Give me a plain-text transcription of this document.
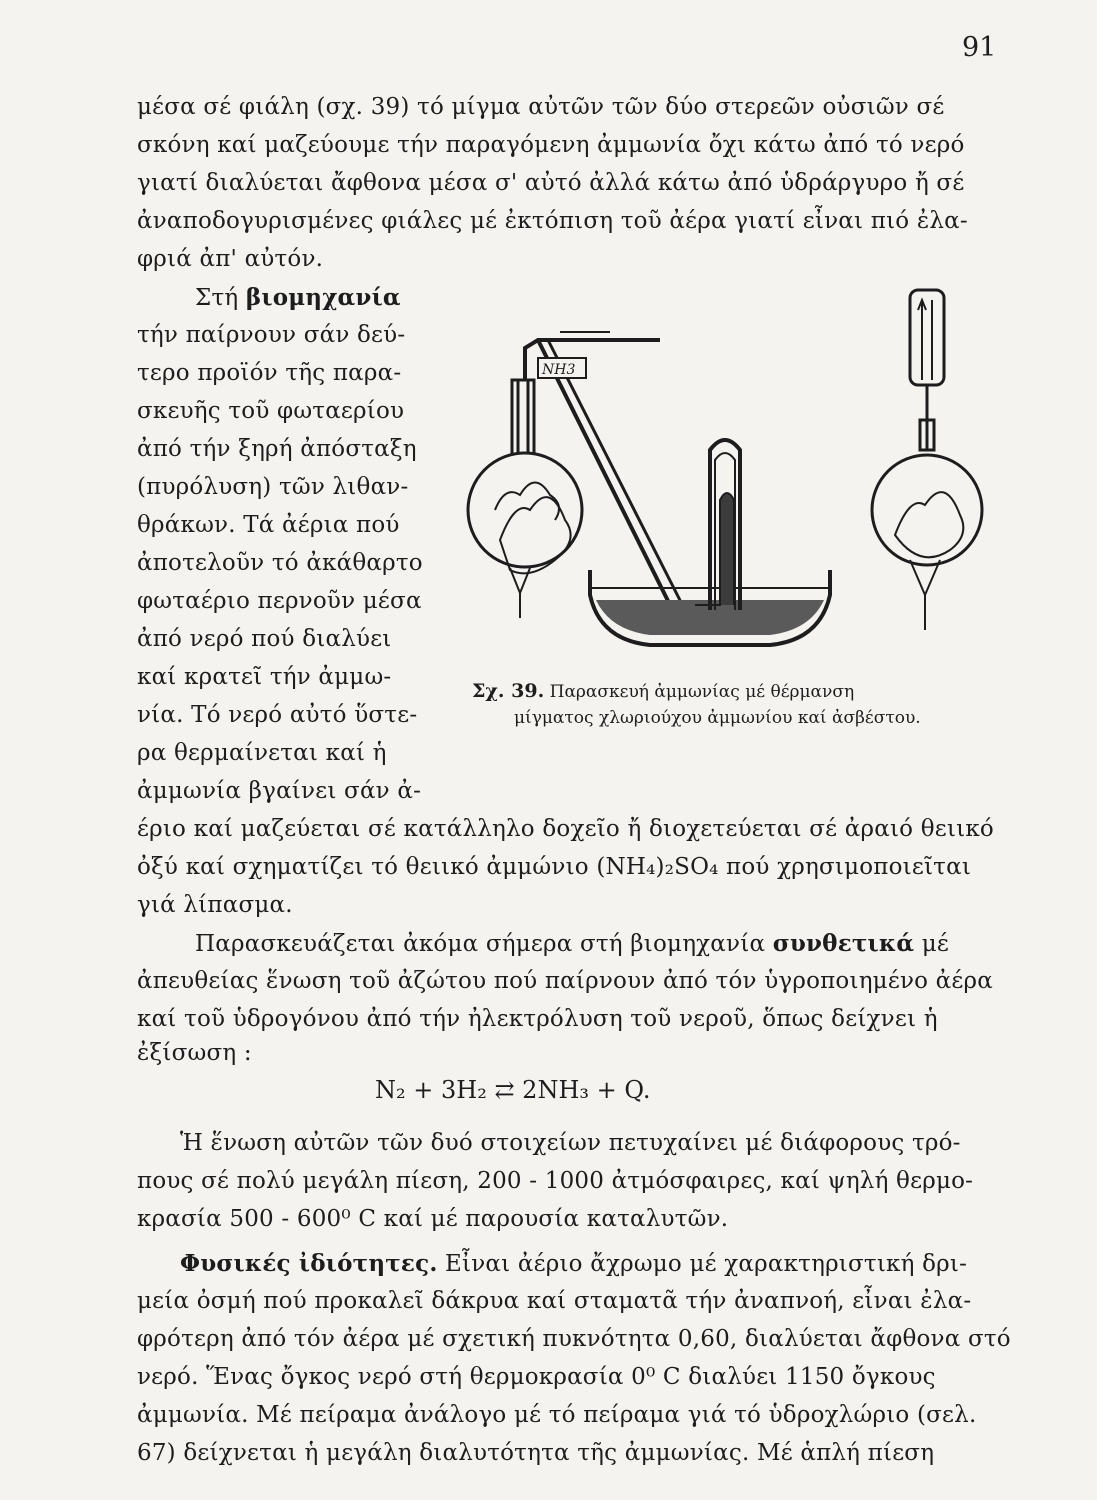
91
μέσα σέ φιάλη (σχ. 39) τό μίγμα αὐτῶν τῶν δύο στερεῶν οὐσιῶν σέ
σκόνη καί μαζεύουμε τήν παραγόμενη ἀμμωνία ὄχι κάτω ἀπό τό νερό
γιατί διαλύεται ἄφθονα μέσα σ' αὐτό ἀλλά κάτω ἀπό ὑδράργυρο ἤ σέ
ἀναποδογυρισμένες φιάλες μέ ἐκτόπιση τοῦ ἀέρα γιατί εἶναι πιό ἐλα-
φριά ἀπ' αὐτόν.
Στή βιομηχανία
τήν παίρνουν σάν δεύ-
τερο προϊόν τῆς παρα-
σκευῆς τοῦ φωταερίου
ἀπό τήν ξηρή ἀπόσταξη
(πυρόλυση) τῶν λιθαν-
θράκων. Τά ἀέρια πού
ἀποτελοῦν τό ἀκάθαρτο
φωταέριο περνοῦν μέσα
ἀπό νερό πού διαλύει
καί κρατεῖ τήν ἀμμω-
νία. Τό νερό αὐτό ὕστε-
ρα θερμαίνεται καί ἡ
ἀμμωνία βγαίνει σάν ἀ-
NH3
Σχ. 39. Παρασκευή ἀμμωνίας μέ θέρμανση
μίγματος χλωριούχου ἀμμωνίου καί ἀσβέστου.
έριο καί μαζεύεται σέ κατάλληλο δοχεῖο ἤ διοχετεύεται σέ ἀραιό θειικό
ὀξύ καί σχηματίζει τό θειικό ἀμμώνιο (NH₄)₂SO₄ πού χρησιμοποιεῖται
γιά λίπασμα.
Παρασκευάζεται ἀκόμα σήμερα στή βιομηχανία συνθετικά μέ
ἀπευθείας ἕνωση τοῦ ἀζώτου πού παίρνουν ἀπό τόν ὑγροποιημένο ἀέρα
καί τοῦ ὑδρογόνου ἀπό τήν ἠλεκτρόλυση τοῦ νεροῦ, ὅπως δείχνει ἡ
ἐξίσωση :
N₂ + 3H₂ ⇄ 2NH₃ + Q.
Ἡ ἕνωση αὐτῶν τῶν δυό στοιχείων πετυχαίνει μέ διάφορους τρό-
πους σέ πολύ μεγάλη πίεση, 200 - 1000 ἀτμόσφαιρες, καί ψηλή θερμο-
κρασία 500 - 600⁰ C καί μέ παρουσία καταλυτῶν.
Φυσικές ἰδιότητες. Εἶναι ἀέριο ἄχρωμο μέ χαρακτηριστική δρι-
μεία ὀσμή πού προκαλεῖ δάκρυα καί σταματᾶ τήν ἀναπνοή, εἶναι ἐλα-
φρότερη ἀπό τόν ἀέρα μέ σχετική πυκνότητα 0,60, διαλύεται ἄφθονα στό
νερό. Ἕνας ὄγκος νερό στή θερμοκρασία 0⁰ C διαλύει 1150 ὄγκους
ἀμμωνία. Μέ πείραμα ἀνάλογο μέ τό πείραμα γιά τό ὑδροχλώριο (σελ.
67) δείχνεται ἡ μεγάλη διαλυτότητα τῆς ἀμμωνίας. Μέ ἁπλή πίεση
